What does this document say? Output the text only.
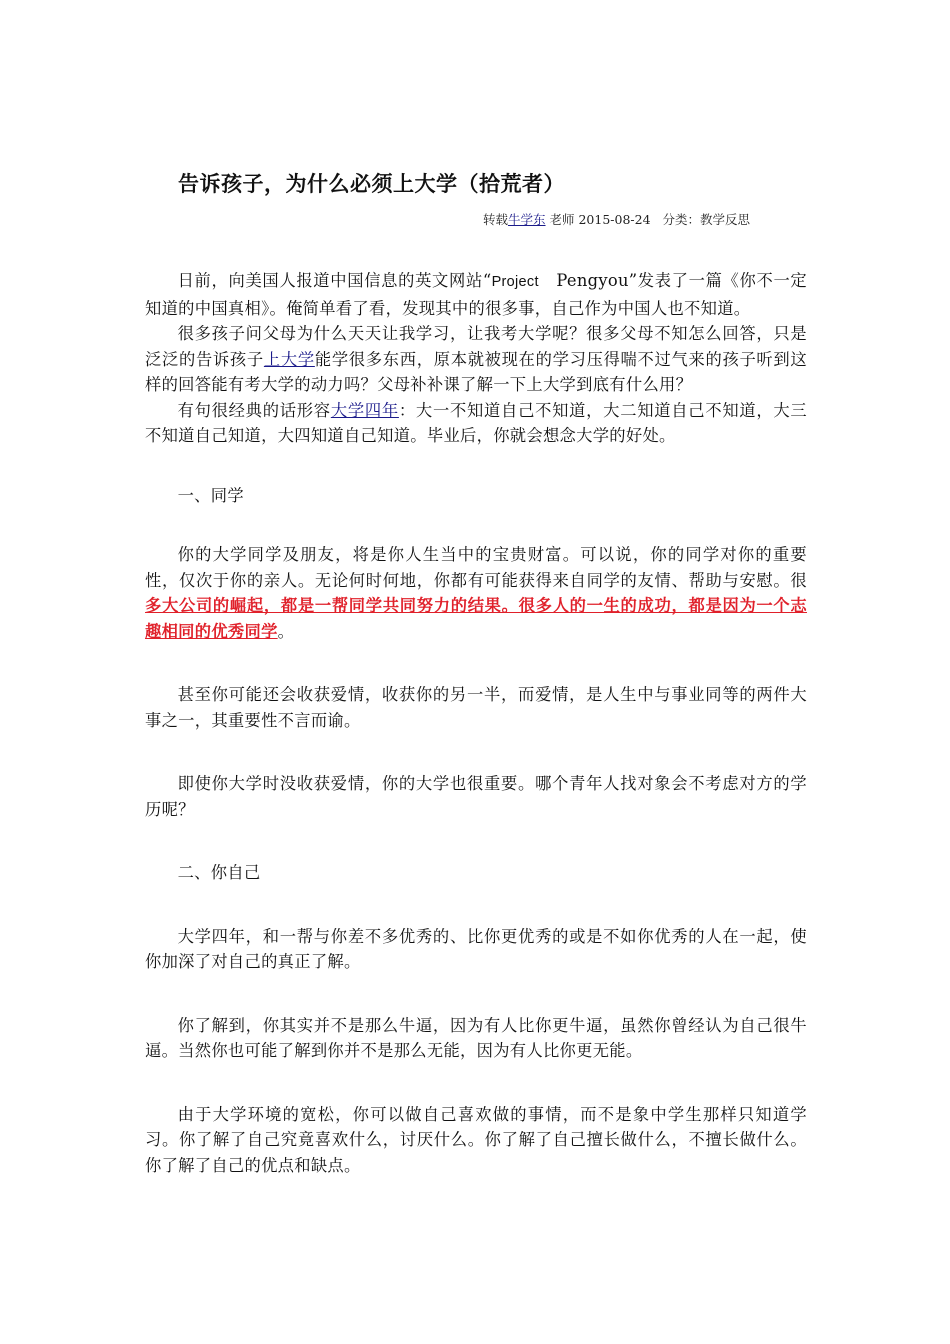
告诉孩子，为什么必须上大学（拾荒者）
转载牛学东 老师 2015-08-24 分类：教学反思

日前，向美国人报道中国信息的英文网站“Project Pengyou”发表了一篇《你不一定知道的中国真相》。俺简单看了看，发现其中的很多事，自己作为中国人也不知道。

很多孩子问父母为什么天天让我学习，让我考大学呢？很多父母不知怎么回答，只是泛泛的告诉孩子上大学能学很多东西，原本就被现在的学习压得喘不过气来的孩子听到这样的回答能有考大学的动力吗？父母补补课了解一下上大学到底有什么用？

有句很经典的话形容大学四年：大一不知道自己不知道，大二知道自己不知道，大三不知道自己知道，大四知道自己知道。毕业后，你就会想念大学的好处。

一、同学

你的大学同学及朋友，将是你人生当中的宝贵财富。可以说，你的同学对你的重要性，仅次于你的亲人。无论何时何地，你都有可能获得来自同学的友情、帮助与安慰。很多大公司的崛起，都是一帮同学共同努力的结果。很多人的一生的成功，都是因为一个志趣相同的优秀同学。

甚至你可能还会收获爱情，收获你的另一半，而爱情，是人生中与事业同等的两件大事之一，其重要性不言而谕。

即使你大学时没收获爱情，你的大学也很重要。哪个青年人找对象会不考虑对方的学历呢？

二、你自己

大学四年，和一帮与你差不多优秀的、比你更优秀的或是不如你优秀的人在一起，使你加深了对自己的真正了解。

你了解到，你其实并不是那么牛逼，因为有人比你更牛逼，虽然你曾经认为自己很牛逼。当然你也可能了解到你并不是那么无能，因为有人比你更无能。

由于大学环境的宽松，你可以做自己喜欢做的事情，而不是象中学生那样只知道学习。你了解了自己究竟喜欢什么，讨厌什么。你了解了自己擅长做什么，不擅长做什么。你了解了自己的优点和缺点。
